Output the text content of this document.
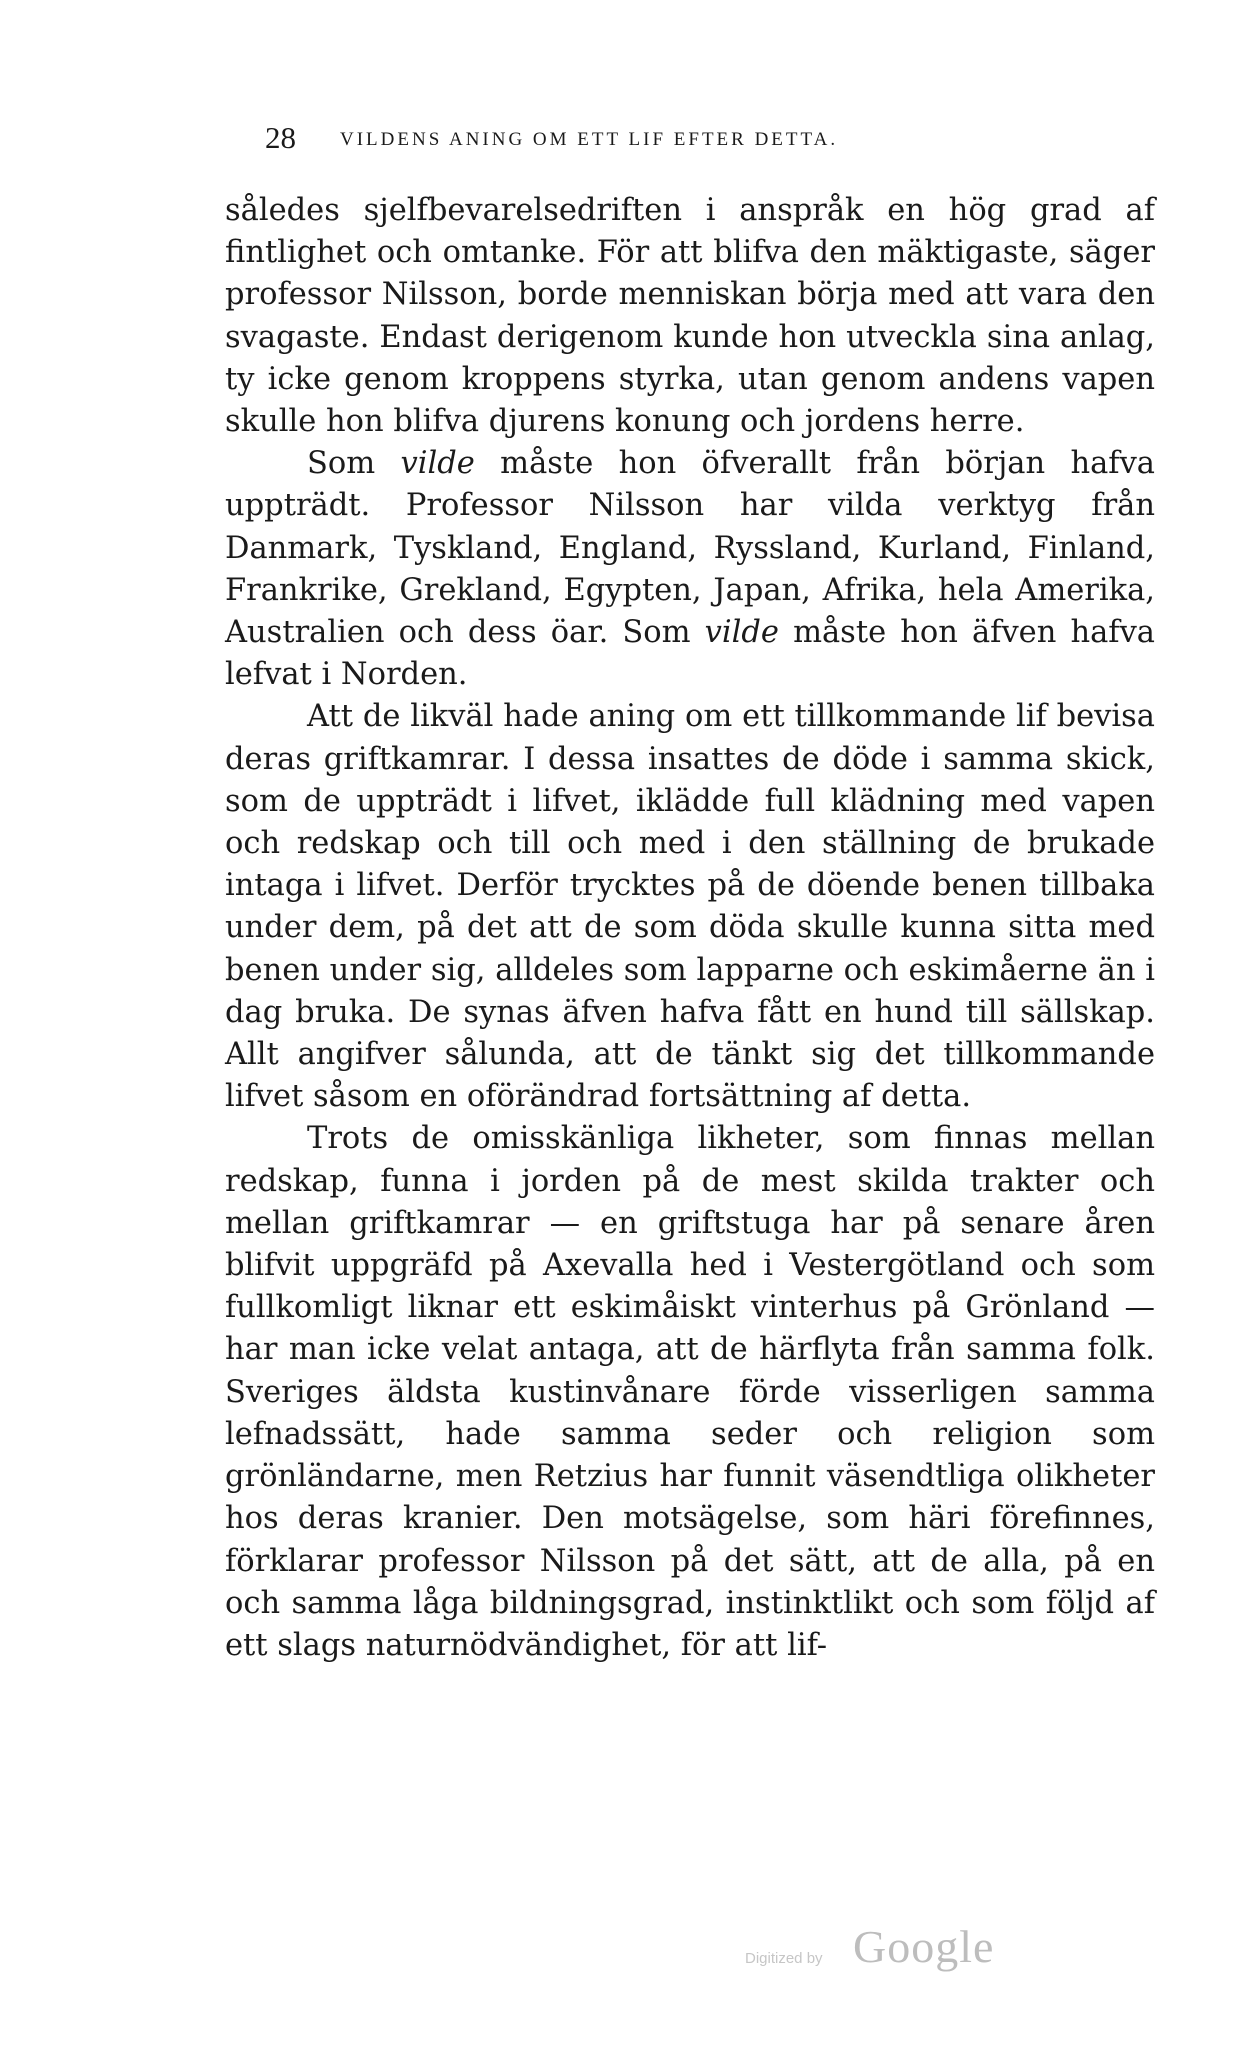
28 VILDENS ANING OM ETT LIF EFTER DETTA.

således sjelfbevarelsedriften i anspråk en hög grad af fintlighet och omtanke. För att blifva den mäktigaste, säger professor Nilsson, borde menniskan börja med att vara den svagaste. Endast derigenom kunde hon utveckla sina anlag, ty icke genom kroppens styrka, utan genom andens vapen skulle hon blifva djurens konung och jordens herre.

Som vilde måste hon öfverallt från början hafva uppträdt. Professor Nilsson har vilda verktyg från Danmark, Tyskland, England, Ryssland, Kurland, Finland, Frankrike, Grekland, Egypten, Japan, Afrika, hela Amerika, Australien och dess öar. Som vilde måste hon äfven hafva lefvat i Norden.

Att de likväl hade aning om ett tillkommande lif bevisa deras griftkamrar. I dessa insattes de döde i samma skick, som de uppträdt i lifvet, iklädde full klädning med vapen och redskap och till och med i den ställning de brukade intaga i lifvet. Derför trycktes på de döende benen tillbaka under dem, på det att de som döda skulle kunna sitta med benen under sig, alldeles som lapparne och eskimåerne än i dag bruka. De synas äfven hafva fått en hund till sällskap. Allt angifver sålunda, att de tänkt sig det tillkommande lifvet såsom en oförändrad fortsättning af detta.

Trots de omisskänliga likheter, som finnas mellan redskap, funna i jorden på de mest skilda trakter och mellan griftkamrar — en griftstuga har på senare åren blifvit uppgräfd på Axevalla hed i Vestergötland och som fullkomligt liknar ett eskimåiskt vinterhus på Grönland — har man icke velat antaga, att de härflyta från samma folk. Sveriges äldsta kustinvånare förde visserligen samma lefnadssätt, hade samma seder och religion som grönländarne, men Retzius har funnit väsendtliga olikheter hos deras kranier. Den motsägelse, som häri förefinnes, förklarar professor Nilsson på det sätt, att de alla, på en och samma låga bildningsgrad, instinktlikt och som följd af ett slags naturnödvändighet, för att lif-

Digitized by Google
